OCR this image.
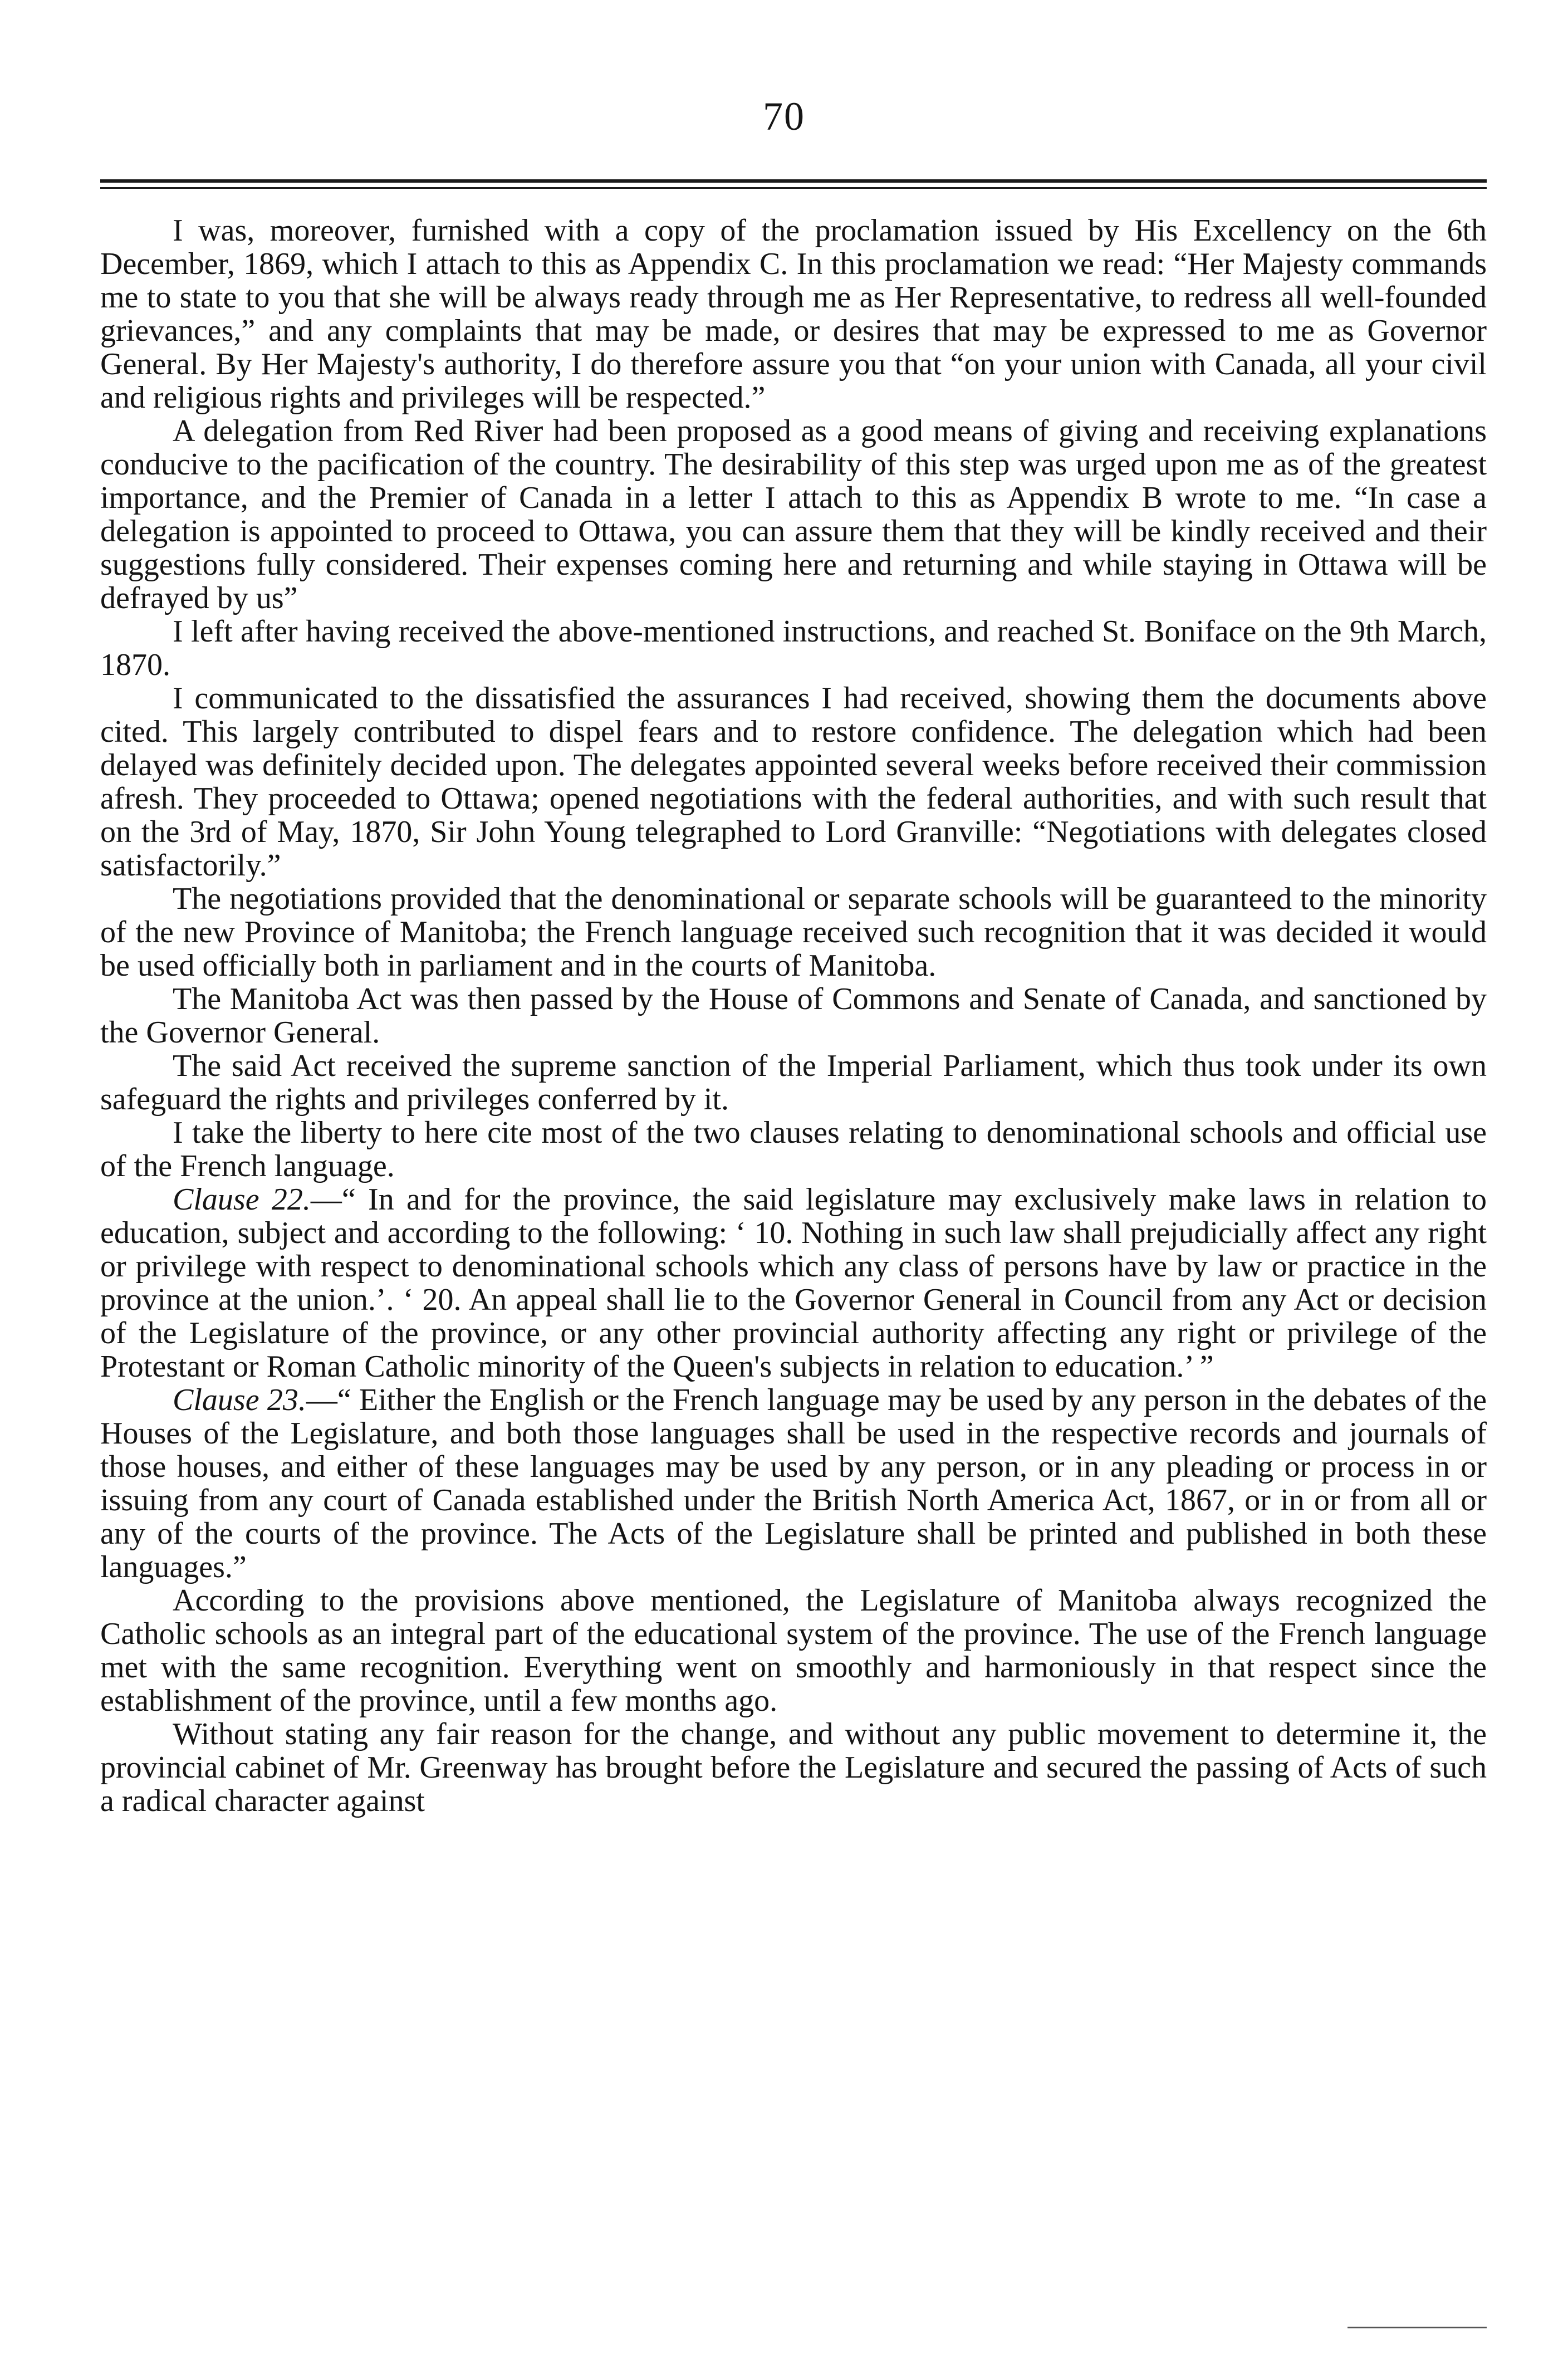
70

I was, moreover, furnished with a copy of the proclamation issued by His Excellency on the 6th December, 1869, which I attach to this as Appendix C. In this proclamation we read: “Her Majesty commands me to state to you that she will be always ready through me as Her Representative, to redress all well-founded grievances,” and any complaints that may be made, or desires that may be expressed to me as Governor General. By Her Majesty's authority, I do therefore assure you that “on your union with Canada, all your civil and religious rights and privileges will be respected.”

A delegation from Red River had been proposed as a good means of giving and receiving explanations conducive to the pacification of the country. The desirability of this step was urged upon me as of the greatest importance, and the Premier of Canada in a letter I attach to this as Appendix B wrote to me. “In case a delegation is appointed to proceed to Ottawa, you can assure them that they will be kindly received and their suggestions fully considered. Their expenses coming here and returning and while staying in Ottawa will be defrayed by us”

I left after having received the above-mentioned instructions, and reached St. Boniface on the 9th March, 1870.

I communicated to the dissatisfied the assurances I had received, showing them the documents above cited. This largely contributed to dispel fears and to restore confidence. The delegation which had been delayed was definitely decided upon. The delegates appointed several weeks before received their commission afresh. They proceeded to Ottawa; opened negotiations with the federal authorities, and with such result that on the 3rd of May, 1870, Sir John Young telegraphed to Lord Granville: “Negotiations with delegates closed satisfactorily.”

The negotiations provided that the denominational or separate schools will be guaranteed to the minority of the new Province of Manitoba; the French language received such recognition that it was decided it would be used officially both in parliament and in the courts of Manitoba.

The Manitoba Act was then passed by the House of Commons and Senate of Canada, and sanctioned by the Governor General.

The said Act received the supreme sanction of the Imperial Parliament, which thus took under its own safeguard the rights and privileges conferred by it.

I take the liberty to here cite most of the two clauses relating to denominational schools and official use of the French language.

Clause 22.—“ In and for the province, the said legislature may exclusively make laws in relation to education, subject and according to the following: ‘ 10. Nothing in such law shall prejudicially affect any right or privilege with respect to denominational schools which any class of persons have by law or practice in the province at the union.’. ‘ 20. An appeal shall lie to the Governor General in Council from any Act or decision of the Legislature of the province, or any other provincial authority affecting any right or privilege of the Protestant or Roman Catholic minority of the Queen's subjects in relation to education.’ ”

Clause 23.—“ Either the English or the French language may be used by any person in the debates of the Houses of the Legislature, and both those languages shall be used in the respective records and journals of those houses, and either of these languages may be used by any person, or in any pleading or process in or issuing from any court of Canada established under the British North America Act, 1867, or in or from all or any of the courts of the province. The Acts of the Legislature shall be printed and published in both these languages.”

According to the provisions above mentioned, the Legislature of Manitoba always recognized the Catholic schools as an integral part of the educational system of the province. The use of the French language met with the same recognition. Everything went on smoothly and harmoniously in that respect since the establishment of the province, until a few months ago.

Without stating any fair reason for the change, and without any public movement to determine it, the provincial cabinet of Mr. Greenway has brought before the Legislature and secured the passing of Acts of such a radical character against
